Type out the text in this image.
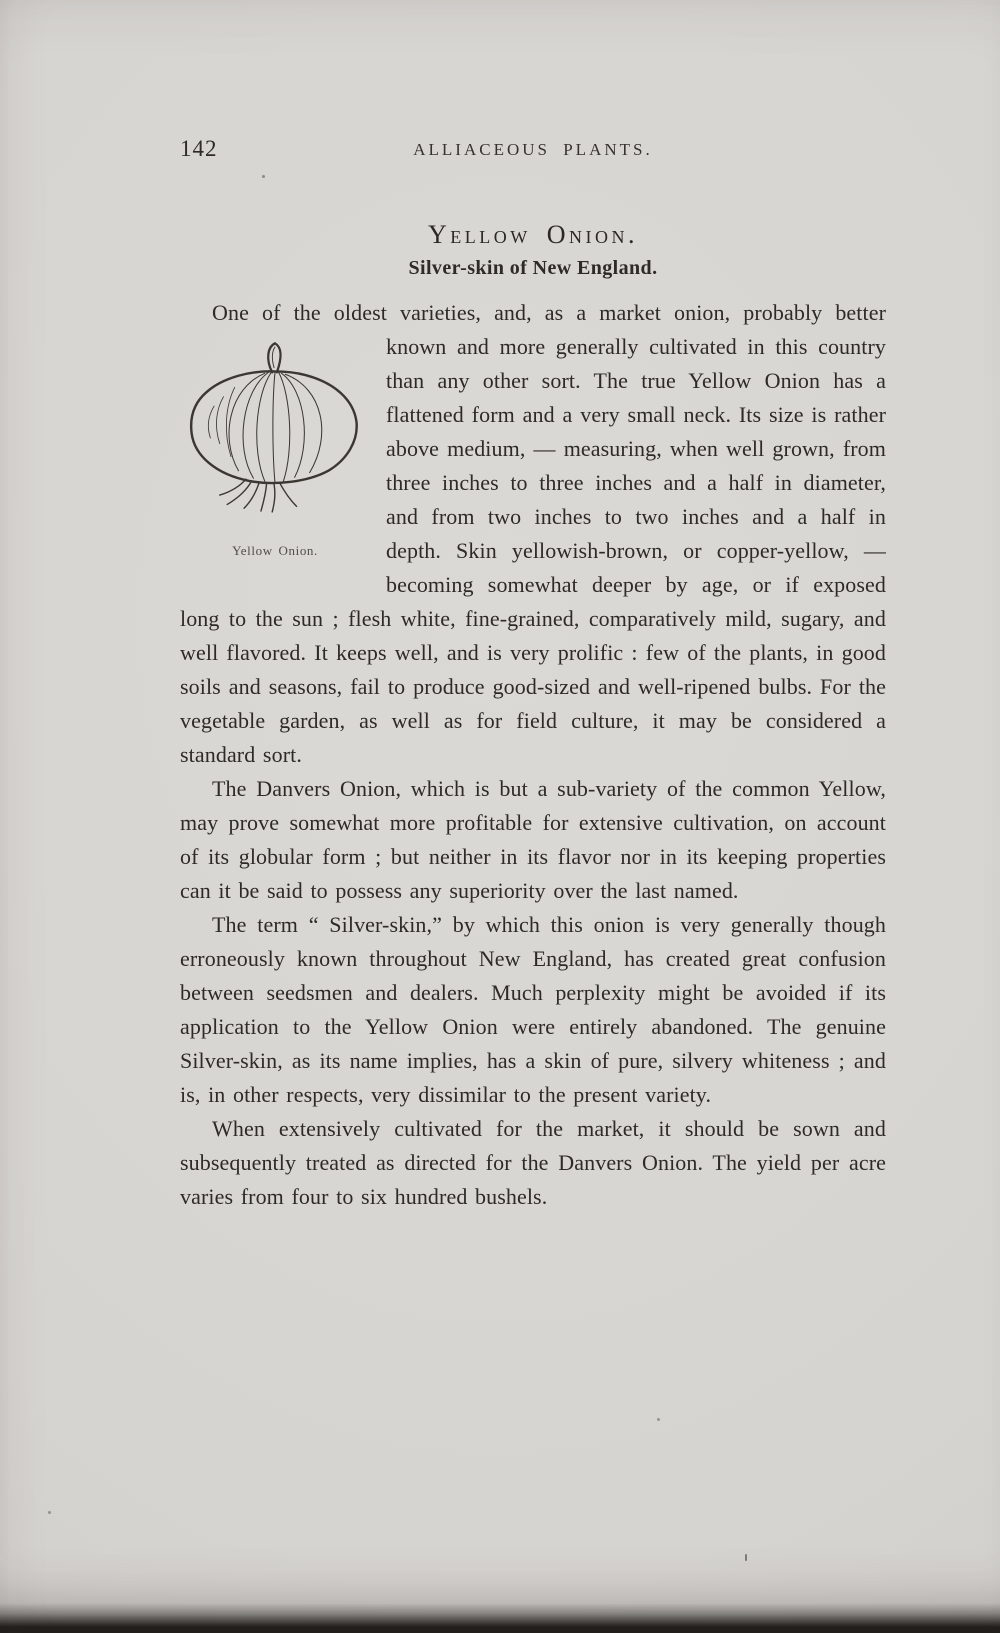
142	ALLIACEOUS PLANTS.
Yellow Onion.
Silver-skin of New England.

One of the oldest varieties, and, as a market onion, probably better known and more generally cultivated in this country
Yellow Onion.
than any other sort. The true Yellow Onion has a flattened form and a very small neck. Its size is rather above medium, — measuring, when well grown, from three inches to three inches and a half in diameter, and from two inches to two inches and a half in depth. Skin yellowish-brown, or copper-yellow, — becoming somewhat deeper by age, or if exposed long to the sun ; flesh white, fine-grained, comparatively mild, sugary, and well flavored. It keeps well, and is very prolific : few of the plants, in good soils and seasons, fail to produce good-sized and well-ripened bulbs. For the vegetable garden, as well as for field culture, it may be considered a standard sort.

The Danvers Onion, which is but a sub-variety of the common Yellow, may prove somewhat more profitable for extensive cultivation, on account of its globular form ; but neither in its flavor nor in its keeping properties can it be said to possess any superiority over the last named.

The term “ Silver-skin,” by which this onion is very generally though erroneously known throughout New England, has created great confusion between seedsmen and dealers. Much perplexity might be avoided if its application to the Yellow Onion were entirely abandoned. The genuine Silver-skin, as its name implies, has a skin of pure, silvery whiteness ; and is, in other respects, very dissimilar to the present variety.

When extensively cultivated for the market, it should be sown and subsequently treated as directed for the Danvers Onion. The yield per acre varies from four to six hundred bushels.
